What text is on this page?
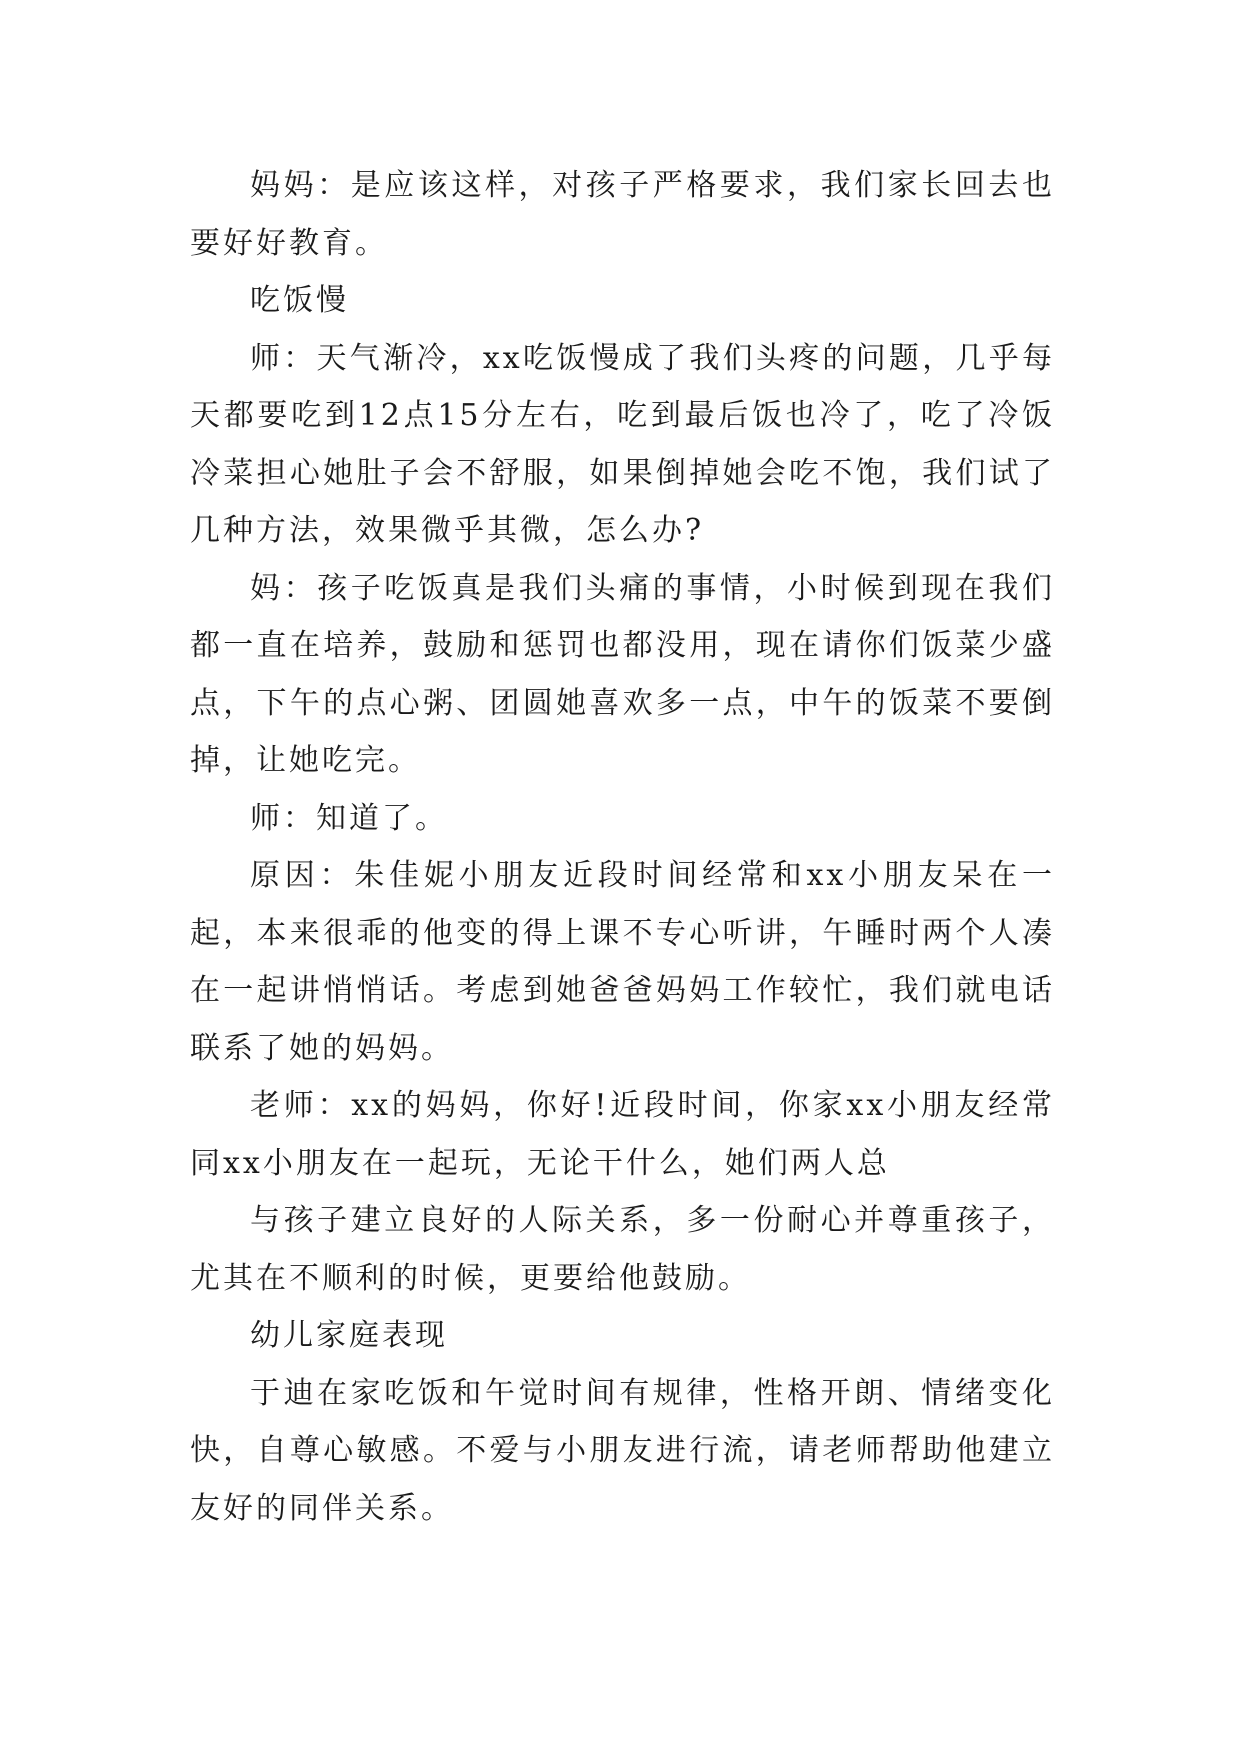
妈妈：是应该这样，对孩子严格要求，我们家长回去也要好好教育。

吃饭慢

师：天气渐冷，xx吃饭慢成了我们头疼的问题，几乎每天都要吃到12点15分左右，吃到最后饭也冷了，吃了冷饭冷菜担心她肚子会不舒服，如果倒掉她会吃不饱，我们试了几种方法，效果微乎其微，怎么办?

妈：孩子吃饭真是我们头痛的事情，小时候到现在我们都一直在培养，鼓励和惩罚也都没用，现在请你们饭菜少盛点，下午的点心粥、团圆她喜欢多一点，中午的饭菜不要倒掉，让她吃完。

师：知道了。

原因：朱佳妮小朋友近段时间经常和xx小朋友呆在一起，本来很乖的他变的得上课不专心听讲，午睡时两个人凑在一起讲悄悄话。考虑到她爸爸妈妈工作较忙，我们就电话联系了她的妈妈。

老师：xx的妈妈，你好!近段时间，你家xx小朋友经常同xx小朋友在一起玩，无论干什么，她们两人总

与孩子建立良好的人际关系，多一份耐心并尊重孩子，尤其在不顺利的时候，更要给他鼓励。

幼儿家庭表现

于迪在家吃饭和午觉时间有规律，性格开朗、情绪变化快，自尊心敏感。不爱与小朋友进行流，请老师帮助他建立友好的同伴关系。
